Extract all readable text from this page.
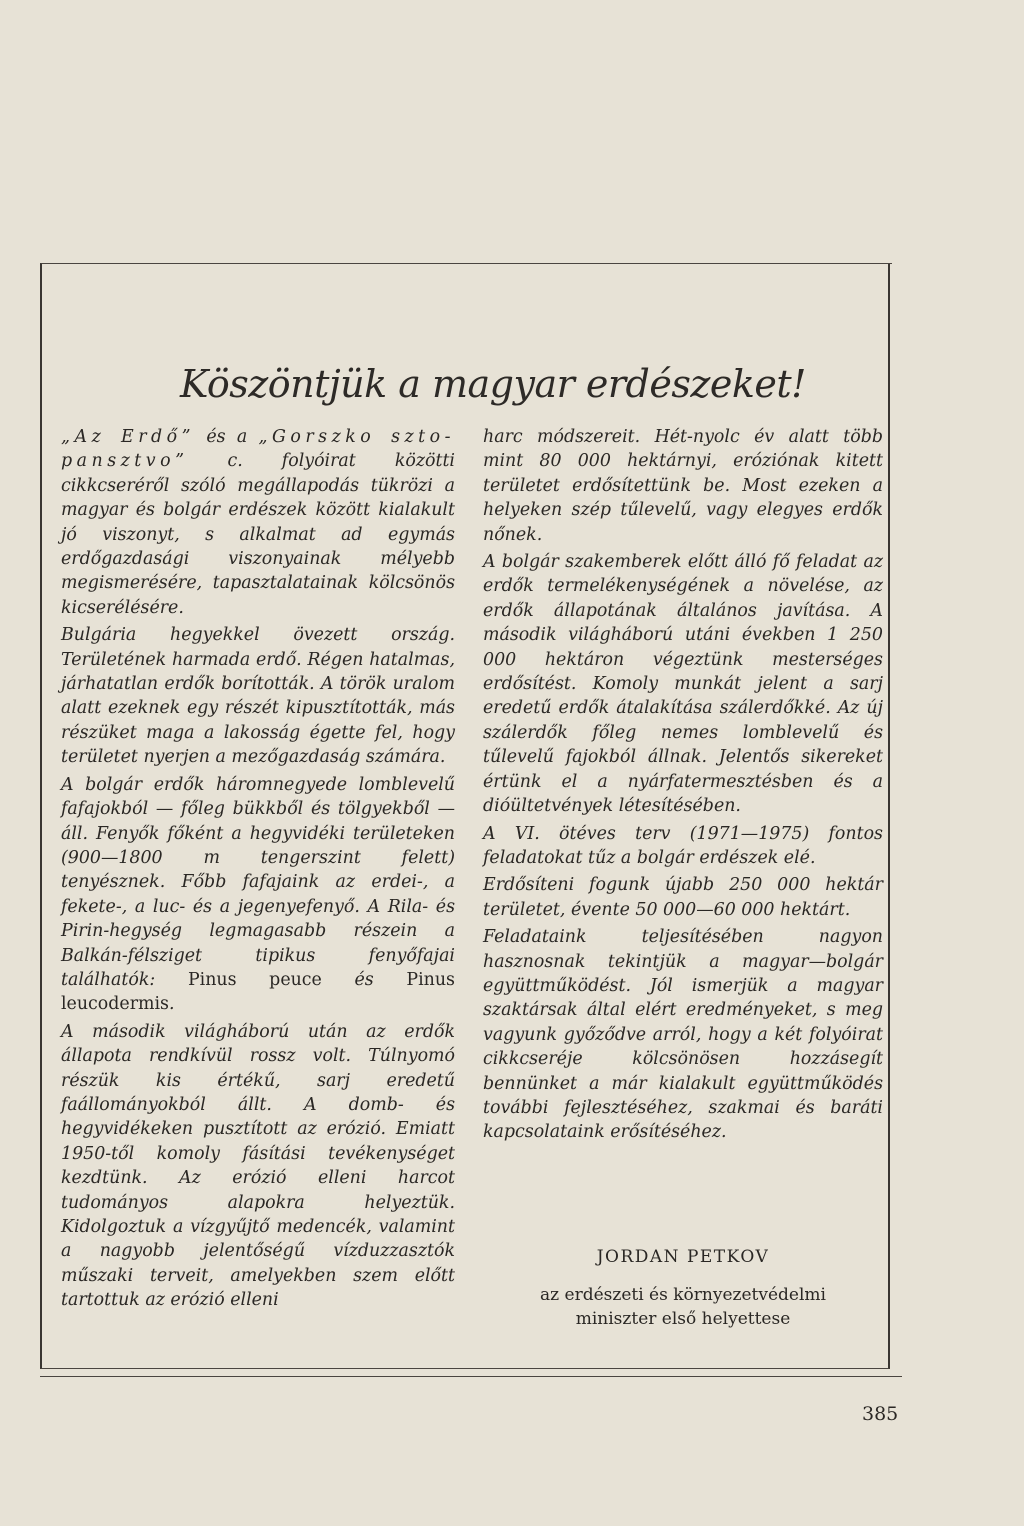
Köszöntjük a magyar erdészeket!

„Az Erdő” és a „Gorszko szto-pansztvo” c. folyóirat közötti cikkcseréről szóló megállapodás tükrözi a magyar és bolgár erdészek között kialakult jó viszonyt, s alkalmat ad egymás erdőgazdasági viszonyainak mélyebb megismerésére, tapasztalatainak kölcsönös kicserélésére.

Bulgária hegyekkel övezett ország. Területének harmada erdő. Régen hatalmas, járhatatlan erdők borították. A török uralom alatt ezeknek egy részét kipusztították, más részüket maga a lakosság égette fel, hogy területet nyerjen a mezőgazdaság számára.

A bolgár erdők háromnegyede lomblevelű fafajokból — főleg bükkből és tölgyekből — áll. Fenyők főként a hegyvidéki területeken (900—1800 m tengerszint felett) tenyésznek. Főbb fafajaink az erdei-, a fekete-, a luc- és a jegenyefenyő. A Rila- és Pirin-hegység legmagasabb részein a Balkán-félsziget tipikus fenyőfajai találhatók: Pinus peuce és Pinus leucodermis.

A második világháború után az erdők állapota rendkívül rossz volt. Túlnyomó részük kis értékű, sarj eredetű faállományokból állt. A domb- és hegyvidékeken pusztított az erózió. Emiatt 1950-től komoly fásítási tevékenységet kezdtünk. Az erózió elleni harcot tudományos alapokra helyeztük. Kidolgoztuk a vízgyűjtő medencék, valamint a nagyobb jelentőségű vízduzzasztók műszaki terveit, amelyekben szem előtt tartottuk az erózió elleni

harc módszereit. Hét-nyolc év alatt több mint 80 000 hektárnyi, eróziónak kitett területet erdősítettünk be. Most ezeken a helyeken szép tűlevelű, vagy elegyes erdők nőnek.

A bolgár szakemberek előtt álló fő feladat az erdők termelékenységének a növelése, az erdők állapotának általános javítása. A második világháború utáni években 1 250 000 hektáron végeztünk mesterséges erdősítést. Komoly munkát jelent a sarj eredetű erdők átalakítása szálerdőkké. Az új szálerdők főleg nemes lomblevelű és tűlevelű fajokból állnak. Jelentős sikereket értünk el a nyárfatermesztésben és a dióültetvények létesítésében.

A VI. ötéves terv (1971—1975) fontos feladatokat tűz a bolgár erdészek elé.

Erdősíteni fogunk újabb 250 000 hektár területet, évente 50 000—60 000 hektárt.

Feladataink teljesítésében nagyon hasznosnak tekintjük a magyar—bolgár együttműködést. Jól ismerjük a magyar szaktársak által elért eredményeket, s meg vagyunk győződve arról, hogy a két folyóirat cikkcseréje kölcsönösen hozzásegít bennünket a már kialakult együttműködés további fejlesztéséhez, szakmai és baráti kapcsolataink erősítéséhez.

JORDAN PETKOV
az erdészeti és környezetvédelmi
miniszter első helyettese
385
